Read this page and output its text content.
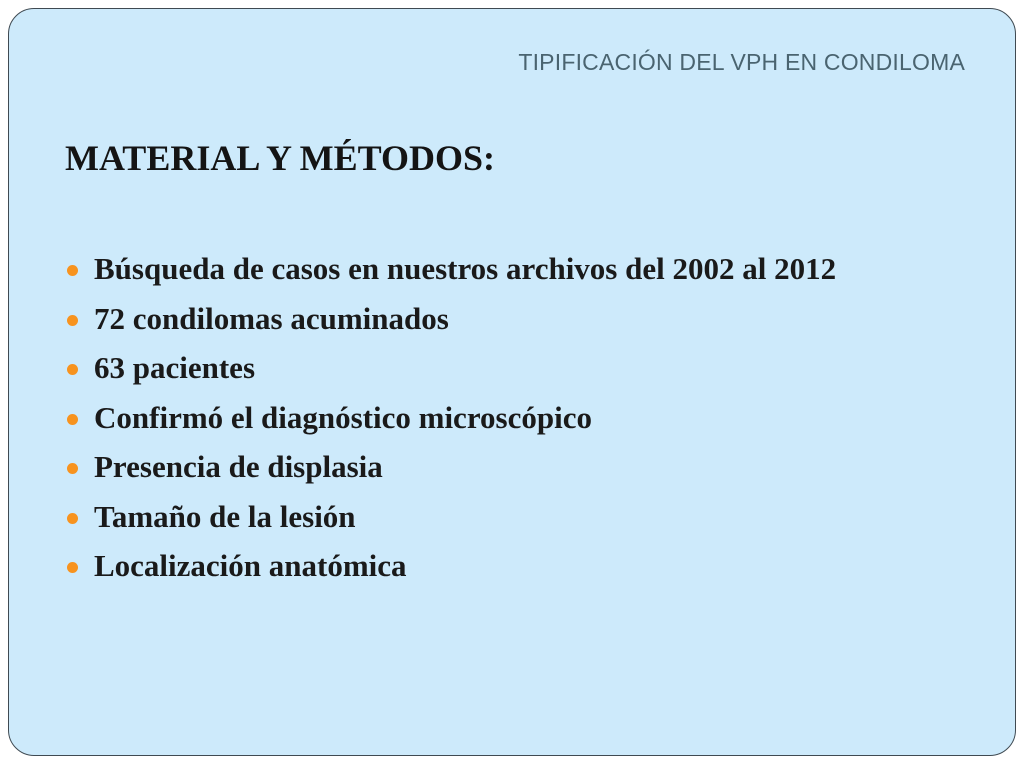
TIPIFICACIÓN DEL VPH EN CONDILOMA
MATERIAL Y MÉTODOS:
Búsqueda de casos en nuestros archivos del 2002 al 2012
72 condilomas acuminados
63 pacientes
Confirmó el diagnóstico microscópico
Presencia de displasia
Tamaño de la lesión
Localización anatómica
